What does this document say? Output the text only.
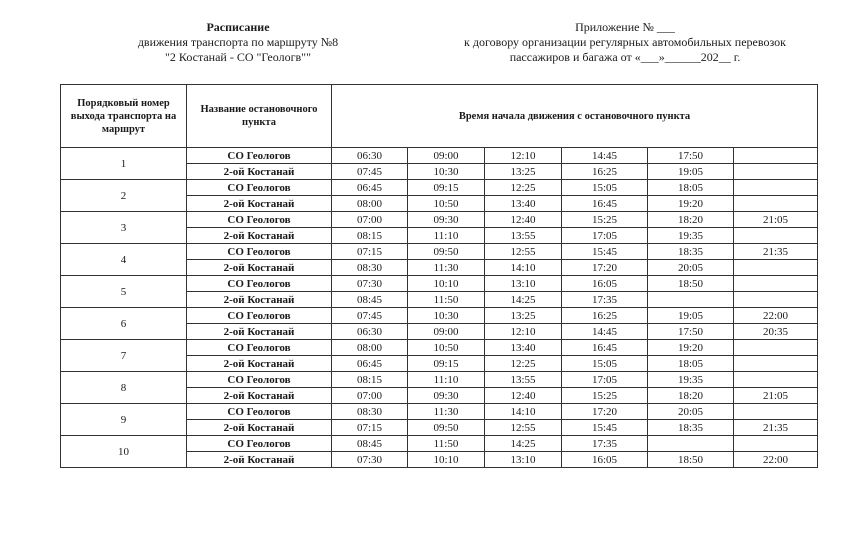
Расписание
движения транспорта по маршруту №8
"2 Костанай - СО "Геологв""
Приложение № ___
к договору организации регулярных автомобильных перевозок
пассажиров и багажа от «___»______202__ г.
Порядковый номер выхода транспорта на маршрут	Название остановочного пункта	Время начала движения с остановочного пункта					
1	СО Геологов	06:30	09:00	12:10	14:45	17:50	
	2-ой Костанай	07:45	10:30	13:25	16:25	19:05	
2	СО Геологов	06:45	09:15	12:25	15:05	18:05	
	2-ой Костанай	08:00	10:50	13:40	16:45	19:20	
3	СО Геологов	07:00	09:30	12:40	15:25	18:20	21:05
	2-ой Костанай	08:15	11:10	13:55	17:05	19:35	
4	СО Геологов	07:15	09:50	12:55	15:45	18:35	21:35
	2-ой Костанай	08:30	11:30	14:10	17:20	20:05	
5	СО Геологов	07:30	10:10	13:10	16:05	18:50	
	2-ой Костанай	08:45	11:50	14:25	17:35		
6	СО Геологов	07:45	10:30	13:25	16:25	19:05	22:00
	2-ой Костанай	06:30	09:00	12:10	14:45	17:50	20:35
7	СО Геологов	08:00	10:50	13:40	16:45	19:20	
	2-ой Костанай	06:45	09:15	12:25	15:05	18:05	
8	СО Геологов	08:15	11:10	13:55	17:05	19:35	
	2-ой Костанай	07:00	09:30	12:40	15:25	18:20	21:05
9	СО Геологов	08:30	11:30	14:10	17:20	20:05	
	2-ой Костанай	07:15	09:50	12:55	15:45	18:35	21:35
10	СО Геологов	08:45	11:50	14:25	17:35		
	2-ой Костанай	07:30	10:10	13:10	16:05	18:50	22:00
